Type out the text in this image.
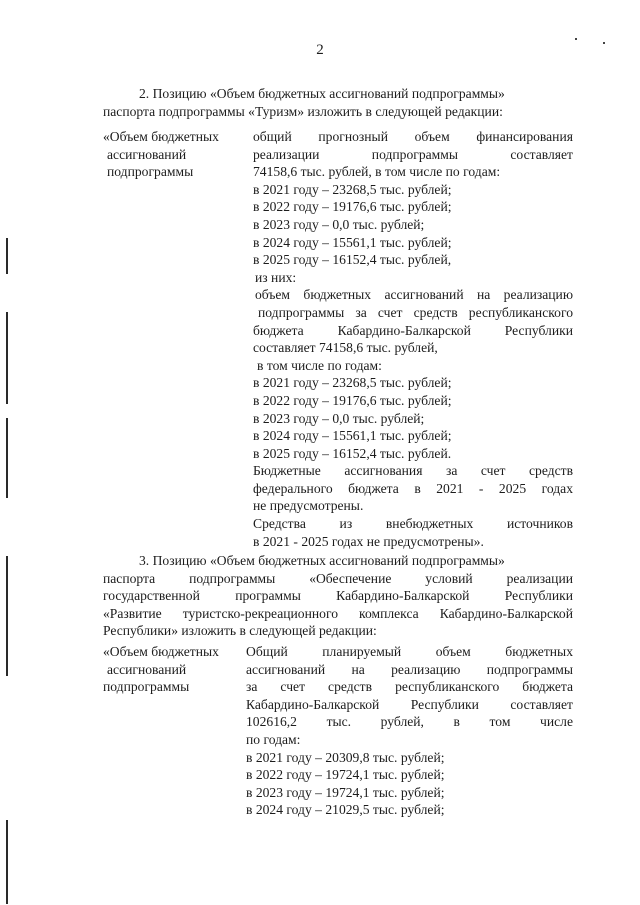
2
2. Позицию «Объем бюджетных ассигнований подпрограммы»
паспорта подпрограммы «Туризм» изложить в следующей редакции:
«Объем бюджетных
ассигнований
подпрограммы
общий прогнозный объем финансирования
реализации подпрограммы составляет
74158,6 тыс. рублей, в том числе по годам:
в 2021 году – 23268,5 тыс. рублей;
в 2022 году – 19176,6 тыс. рублей;
в 2023 году – 0,0 тыс. рублей;
в 2024 году – 15561,1 тыс. рублей;
в 2025 году – 16152,4 тыс. рублей,
из них:
объем бюджетных ассигнований на реализацию
подпрограммы за счет средств республиканского
бюджета Кабардино-Балкарской Республики
составляет 74158,6 тыс. рублей,
в том числе по годам:
в 2021 году – 23268,5 тыс. рублей;
в 2022 году – 19176,6 тыс. рублей;
в 2023 году – 0,0 тыс. рублей;
в 2024 году – 15561,1 тыс. рублей;
в 2025 году – 16152,4 тыс. рублей.
Бюджетные ассигнования за счет средств
федерального бюджета в 2021 - 2025 годах
не предусмотрены.
Средства из внебюджетных источников
в 2021 - 2025 годах не предусмотрены».
3. Позицию «Объем бюджетных ассигнований подпрограммы»
паспорта подпрограммы «Обеспечение условий реализации
государственной программы Кабардино-Балкарской Республики
«Развитие туристско-рекреационного комплекса Кабардино-Балкарской
Республики» изложить в следующей редакции:
«Объем бюджетных
ассигнований
подпрограммы
Общий планируемый объем бюджетных
ассигнований на реализацию подпрограммы
за счет средств республиканского бюджета
Кабардино-Балкарской Республики составляет
102616,2 тыс. рублей, в том числе
по годам:
в 2021 году – 20309,8 тыс. рублей;
в 2022 году – 19724,1 тыс. рублей;
в 2023 году – 19724,1 тыс. рублей;
в 2024 году – 21029,5 тыс. рублей;
